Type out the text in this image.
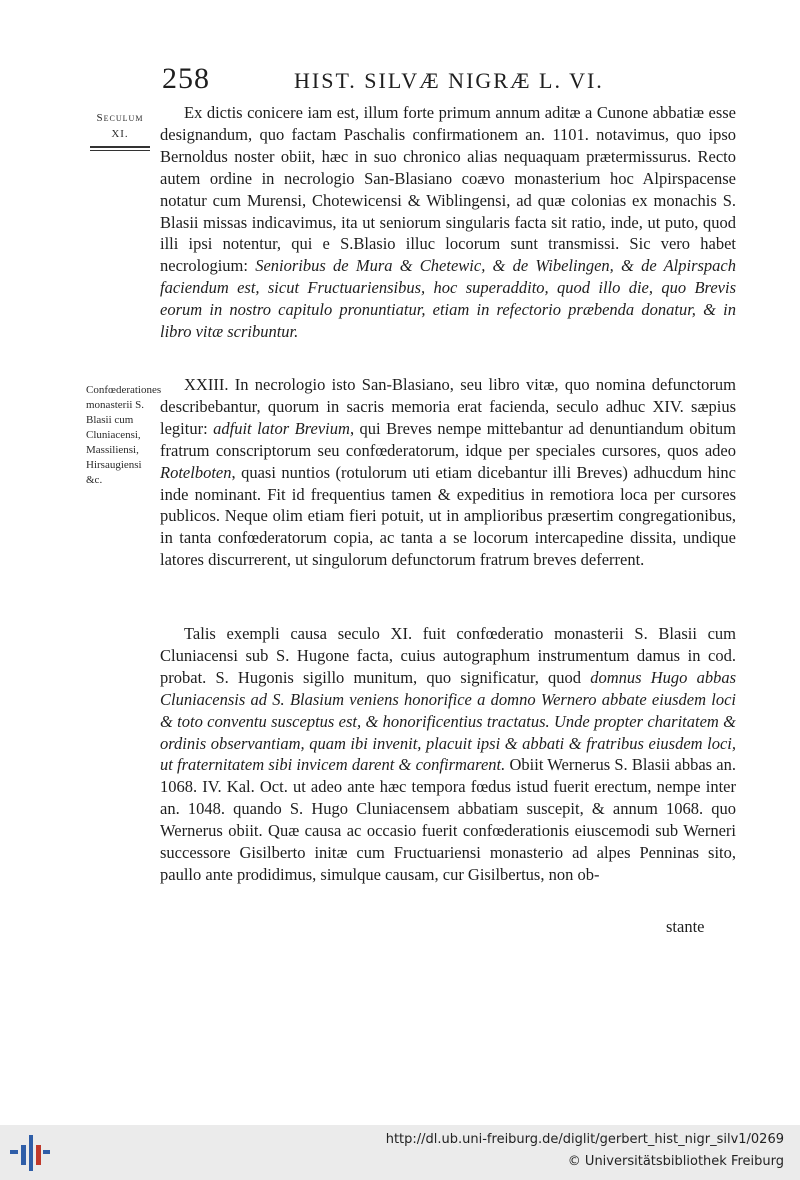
258	HIST. SILVÆ NIGRÆ L. VI.
Seculum
XI.
Confœderationes monasterii S. Blasii cum Cluniacensi, Massiliensi, Hirsaugiensi &c.

Ex dictis conicere iam est, illum forte primum annum aditæ a Cunone abbatiæ esse designandum, quo factam Paschalis confirmationem an. 1101. notavimus, quo ipso Bernoldus noster obiit, hæc in suo chronico alias nequaquam prætermissurus. Recto autem ordine in necrologio San-Blasiano coævo monasterium hoc Alpirspacense notatur cum Murensi, Chotewicensi & Wiblingensi, ad quæ colonias ex monachis S. Blasii missas indicavimus, ita ut seniorum singularis facta sit ratio, inde, ut puto, quod illi ipsi notentur, qui e S.Blasio illuc locorum sunt transmissi. Sic vero habet necrologium: Senioribus de Mura & Chetewic, & de Wibelingen, & de Alpirspach faciendum est, sicut Fructuariensibus, hoc superaddito, quod illo die, quo Brevis eorum in nostro capitulo pronuntiatur, etiam in refectorio præbenda donatur, & in libro vitæ scribuntur.

XXIII. In necrologio isto San-Blasiano, seu libro vitæ, quo nomina defunctorum describebantur, quorum in sacris memoria erat facienda, seculo adhuc XIV. sæpius legitur: adfuit lator Brevium, qui Breves nempe mittebantur ad denuntiandum obitum fratrum conscriptorum seu confœderatorum, idque per speciales cursores, quos adeo Rotelboten, quasi nuntios (rotulorum uti etiam dicebantur illi Breves) adhucdum hinc inde nominant. Fit id frequentius tamen & expeditius in remotiora loca per cursores publicos. Neque olim etiam fieri potuit, ut in amplioribus præsertim congregationibus, in tanta confœderatorum copia, ac tanta a se locorum intercapedine dissita, undique latores discurrerent, ut singulorum defunctorum fratrum breves deferrent.

Talis exempli causa seculo XI. fuit confœderatio monasterii S. Blasii cum Cluniacensi sub S. Hugone facta, cuius autographum instrumentum damus in cod. probat. S. Hugonis sigillo munitum, quo significatur, quod domnus Hugo abbas Cluniacensis ad S. Blasium veniens honorifice a domno Wernero abbate eiusdem loci & toto conventu susceptus est, & honorificentius tractatus. Unde propter charitatem & ordinis observantiam, quam ibi invenit, placuit ipsi & abbati & fratribus eiusdem loci, ut fraternitatem sibi invicem darent & confirmarent. Obiit Wernerus S. Blasii abbas an. 1068. IV. Kal. Oct. ut adeo ante hæc tempora fœdus istud fuerit erectum, nempe inter an. 1048. quando S. Hugo Cluniacensem abbatiam suscepit, & annum 1068. quo Wernerus obiit. Quæ causa ac occasio fuerit confœderationis eiuscemodi sub Werneri successore Gisilberto initæ cum Fructuariensi monasterio ad alpes Penninas sito, paullo ante prodidimus, simulque causam, cur Gisilbertus, non ob-

stante
http://dl.ub.uni-freiburg.de/diglit/gerbert_hist_nigr_silv1/0269
© Universitätsbibliothek Freiburg
